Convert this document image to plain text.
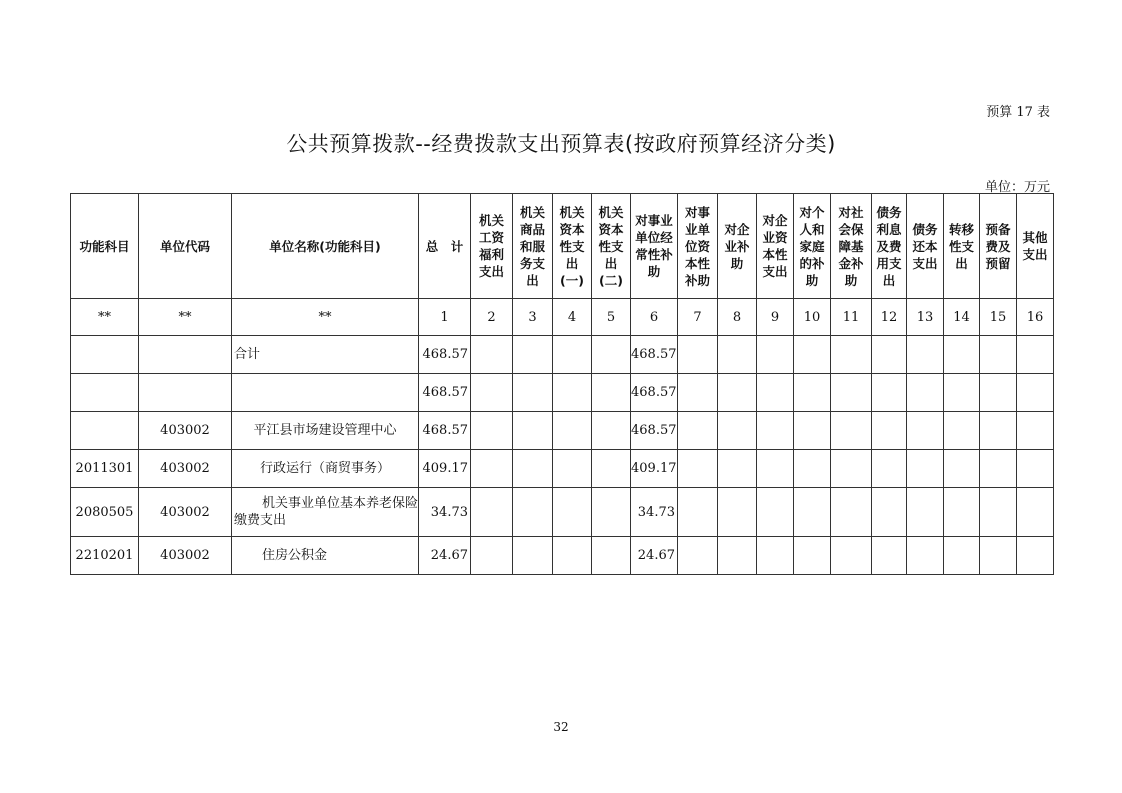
预算 17 表
公共预算拨款--经费拨款支出预算表(按政府预算经济分类)
单位：万元
功能科目	单位代码	单位名称(功能科目)	总　计	机关工资福利支出	机关商品和服务支出	机关资本性支出(一)	机关资本性支出(二)	对事业单位经常性补助	对事业单位资本性补助	对企业补助	对企业资本性支出	对个人和家庭的补助	对社会保障基金补助	债务利息及费用支出	债务还本支出	转移性支出	预备费及预留	其他支出
**	**	**	1	2	3	4	5	6	7	8	9	10	11	12	13	14	15	16
		合计	468.57					468.57										
			468.57					468.57										
	403002	平江县市场建设管理中心	468.57					468.57										
2011301	403002	行政运行（商贸事务）	409.17					409.17										
2080505	403002	机关事业单位基本养老保险缴费支出	34.73					34.73										
2210201	403002	住房公积金	24.67					24.67										
32
